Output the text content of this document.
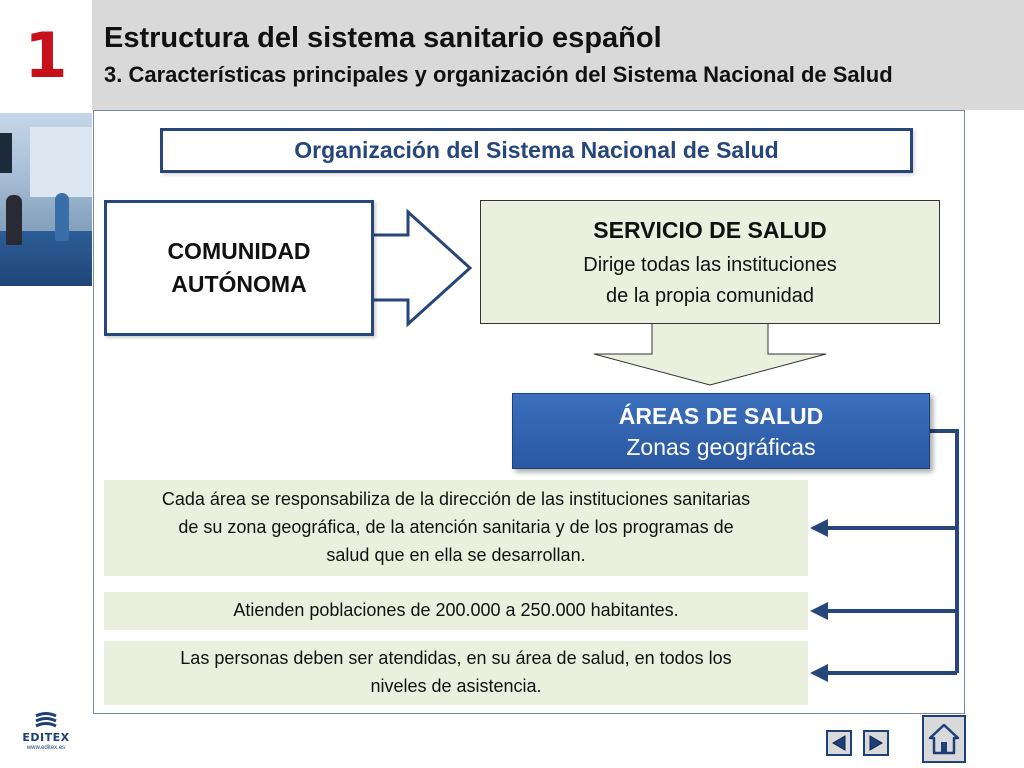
1	Estructura del sistema sanitario español
3. Características principales y organización del Sistema Nacional de Salud
Organización del Sistema Nacional de Salud
COMUNIDAD
AUTÓNOMA
SERVICIO DE SALUD
Dirige todas las instituciones
de la propia comunidad
ÁREAS DE SALUD
Zonas geográficas
Cada área se responsabiliza de la dirección de las instituciones sanitarias
de su zona geográfica, de la atención sanitaria y de los programas de
salud que en ella se desarrollan.
Atienden poblaciones de 200.000 a 250.000 habitantes.
Las personas deben ser atendidas, en su área de salud, en todos los
niveles de asistencia.
EDITEX
www.editex.es
